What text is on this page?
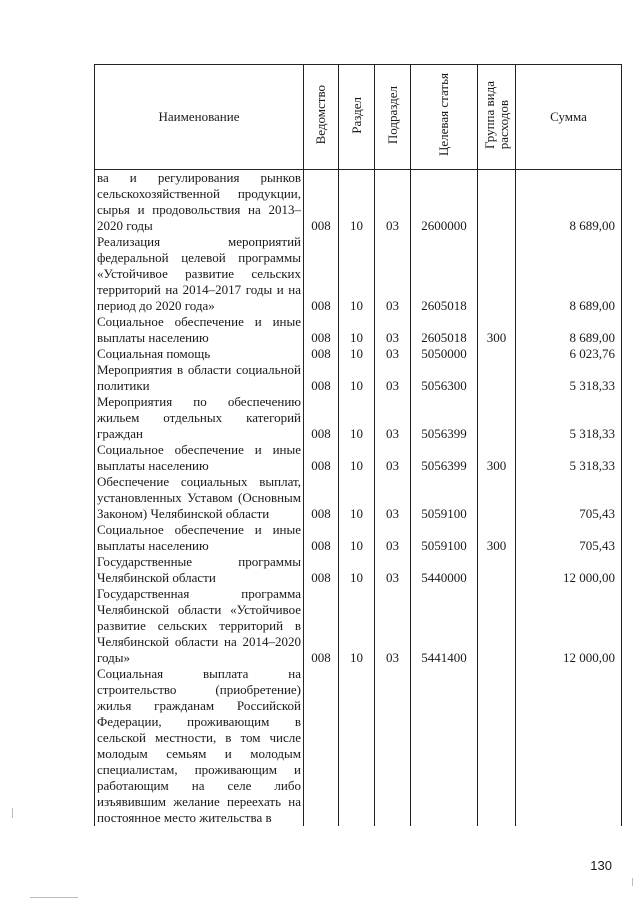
Наименование	Ведомство	Раздел	Подраздел	Целевая статья	Группа видарасходов	Сумма
ва и регулирования рынков сельскохозяйственной продукции, сырья и продовольствия на 2013–2020 годы	008	10	03	2600000		8 689,00
Реализация мероприятий федеральной целевой программы «Устойчивое развитие сельских территорий на 2014–2017 годы и на период до 2020 года»	008	10	03	2605018		8 689,00
Социальное обеспечение и иные выплаты населению	008	10	03	2605018	300	8 689,00
Социальная помощь	008	10	03	5050000		6 023,76
Мероприятия в области социальной политики	008	10	03	5056300		5 318,33
Мероприятия по обеспечению жильем отдельных категорий граждан	008	10	03	5056399		5 318,33
Социальное обеспечение и иные выплаты населению	008	10	03	5056399	300	5 318,33
Обеспечение социальных выплат, установленных Уставом (Основным Законом) Челябинской области	008	10	03	5059100		705,43
Социальное обеспечение и иные выплаты населению	008	10	03	5059100	300	705,43
Государственные программы Челябинской области	008	10	03	5440000		12 000,00
Государственная программа Челябинской области «Устойчивое развитие сельских территорий в Челябинской области на 2014–2020 годы»	008	10	03	5441400		12 000,00
Социальная выплата на строительство (приобретение) жилья гражданам Российской Федерации, проживающим в сельской местности, в том числе молодым семьям и молодым специалистам, проживающим и работающим на селе либо изъявившим желание переехать на постоянное место жительства в						
130
